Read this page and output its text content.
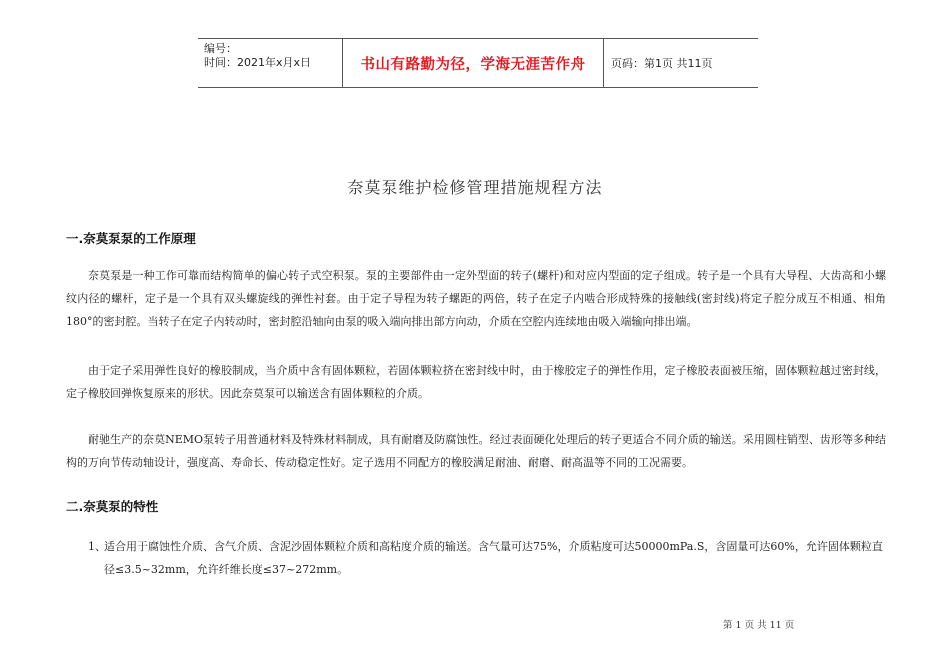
编号：
时间：2021年x月x日	书山有路勤为径，学海无涯苦作舟 页码：第1页 共11页
奈莫泵维护检修管理措施规程方法
一.奈莫泵泵的工作原理
奈莫泵是一种工作可靠而结构简单的偏心转子式空积泵。泵的主要部件由一定外型面的转子(螺杆)和对应内型面的定子组成。转子是一个具有大导程、大齿高和小螺纹内径的螺杆，定子是一个具有双头螺旋线的弹性衬套。由于定子导程为转子螺距的两倍，转子在定子内啮合形成特殊的接触线(密封线)将定子腔分成互不相通、相角180°的密封腔。当转子在定子内转动时，密封腔沿轴向由泵的吸入端向排出部方向动，介质在空腔内连续地由吸入端输向排出端。
由于定子采用弹性良好的橡胶制成，当介质中含有固体颗粒，若固体颗粒挤在密封线中时，由于橡胶定子的弹性作用，定子橡胶表面被压缩，固体颗粒越过密封线，定子橡胶回弹恢复原来的形状。因此奈莫泵可以输送含有固体颗粒的介质。
耐驰生产的奈莫NEMO泵转子用普通材料及特殊材料制成，具有耐磨及防腐蚀性。经过表面硬化处理后的转子更适合不同介质的输送。采用圆柱销型、齿形等多种结构的万向节传动轴设计，强度高、寿命长、传动稳定性好。定子选用不同配方的橡胶满足耐油、耐磨、耐高温等不同的工况需要。
二.奈莫泵的特性
1、
适合用于腐蚀性介质、含气介质、含泥沙固体颗粒介质和高粘度介质的输送。含气量可达75%，介质粘度可达50000mPa.S，含固量可达60%，允许固体颗粒直径≤3.5~32mm，允许纤维长度≤37~272mm。
第 1 页 共 11 页
